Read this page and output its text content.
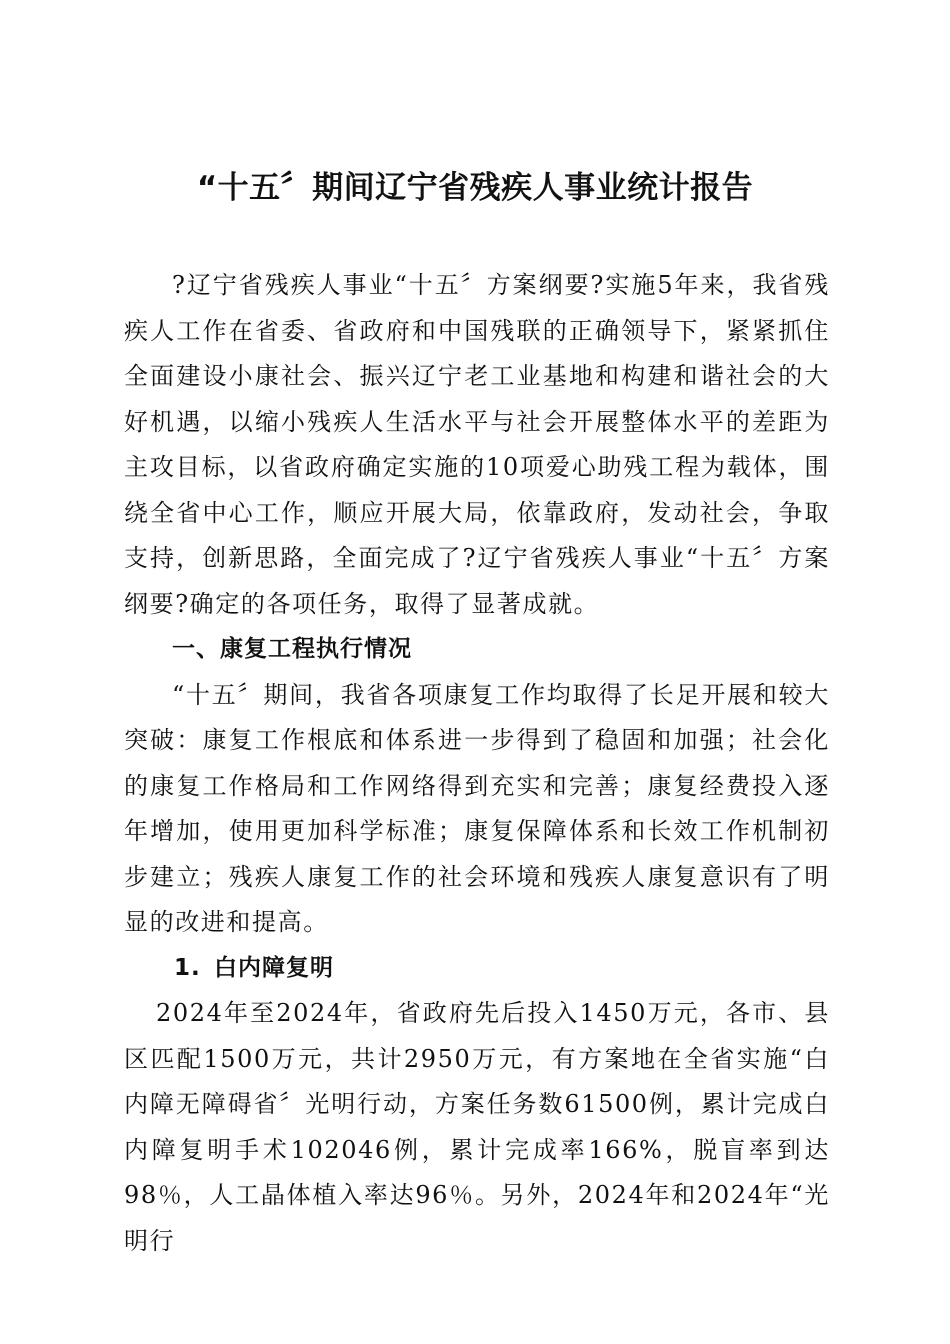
“十五〞期间辽宁省残疾人事业统计报告

?辽宁省残疾人事业“十五〞方案纲要?实施5年来，我省残疾人工作在省委、省政府和中国残联的正确领导下，紧紧抓住全面建设小康社会、振兴辽宁老工业基地和构建和谐社会的大好机遇，以缩小残疾人生活水平与社会开展整体水平的差距为主攻目标，以省政府确定实施的10项爱心助残工程为载体，围绕全省中心工作，顺应开展大局，依靠政府，发动社会，争取支持，创新思路，全面完成了?辽宁省残疾人事业“十五〞方案纲要?确定的各项任务，取得了显著成就。

一、康复工程执行情况

“十五〞期间，我省各项康复工作均取得了长足开展和较大突破：康复工作根底和体系进一步得到了稳固和加强；社会化的康复工作格局和工作网络得到充实和完善；康复经费投入逐年增加，使用更加科学标准；康复保障体系和长效工作机制初步建立；残疾人康复工作的社会环境和残疾人康复意识有了明显的改进和提高。

1. 白内障复明

2024年至2024年，省政府先后投入1450万元，各市、县区匹配1500万元，共计2950万元，有方案地在全省实施“白内障无障碍省〞光明行动，方案任务数61500例，累计完成白内障复明手术102046例，累计完成率166%，脱盲率到达98％，人工晶体植入率达96％。另外，2024年和2024年“光明行
